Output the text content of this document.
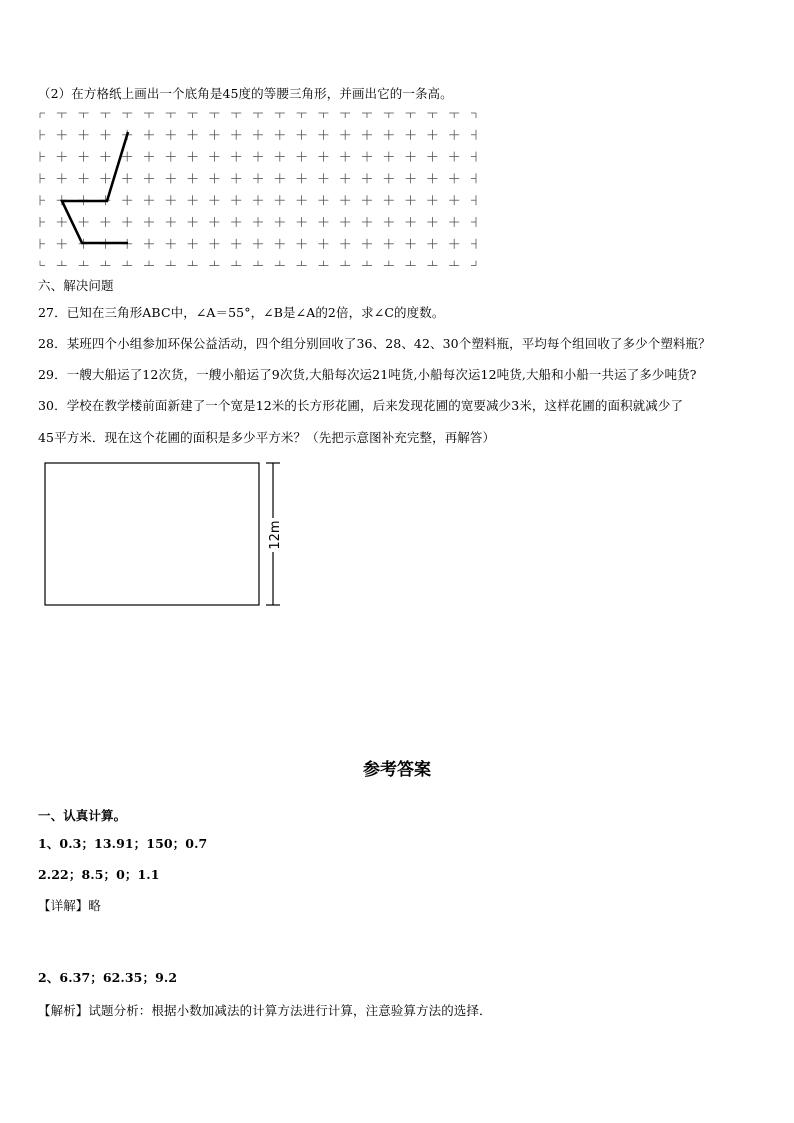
（2）在方格纸上画出一个底角是45度的等腰三角形，并画出它的一条高。
六、解决问题
27．已知在三角形ABC中，∠A＝55°，∠B是∠A的2倍，求∠C的度数。
28．某班四个小组参加环保公益活动，四个组分别回收了36、28、42、30个塑料瓶，平均每个组回收了多少个塑料瓶？
29．一艘大船运了12次货，一艘小船运了9次货,大船每次运21吨货,小船每次运12吨货,大船和小船一共运了多少吨货?
30．学校在教学楼前面新建了一个宽是12米的长方形花圃，后来发现花圃的宽要减少3米，这样花圃的面积就减少了
45平方米．现在这个花圃的面积是多少平方米？（先把示意图补充完整，再解答）
12m
参考答案
一、认真计算。
1、0.3；13.91；150；0.7
2.22；8.5；0；1.1
【详解】略
2、6.37；62.35；9.2
【解析】试题分析：根据小数加减法的计算方法进行计算，注意验算方法的选择．
